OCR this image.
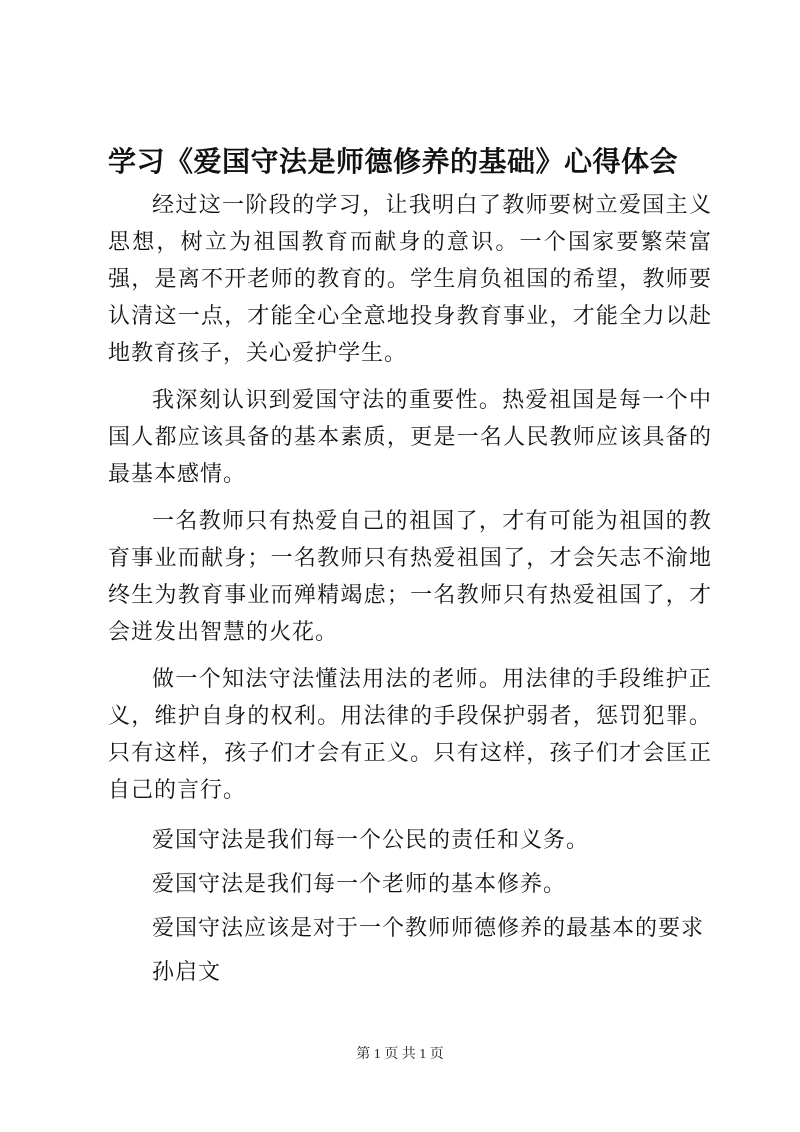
学习《爱国守法是师德修养的基础》心得体会

经过这一阶段的学习，让我明白了教师要树立爱国主义思想，树立为祖国教育而献身的意识。一个国家要繁荣富强，是离不开老师的教育的。学生肩负祖国的希望，教师要认清这一点，才能全心全意地投身教育事业，才能全力以赴地教育孩子，关心爱护学生。

我深刻认识到爱国守法的重要性。热爱祖国是每一个中国人都应该具备的基本素质，更是一名人民教师应该具备的最基本感情。

一名教师只有热爱自己的祖国了，才有可能为祖国的教育事业而献身；一名教师只有热爱祖国了，才会矢志不渝地终生为教育事业而殚精竭虑；一名教师只有热爱祖国了，才会迸发出智慧的火花。

做一个知法守法懂法用法的老师。用法律的手段维护正义，维护自身的权利。用法律的手段保护弱者，惩罚犯罪。只有这样，孩子们才会有正义。只有这样，孩子们才会匡正自己的言行。

爱国守法是我们每一个公民的责任和义务。

爱国守法是我们每一个老师的基本修养。

爱国守法应该是对于一个教师师德修养的最基本的要求

孙启文

第 1 页 共 1 页
